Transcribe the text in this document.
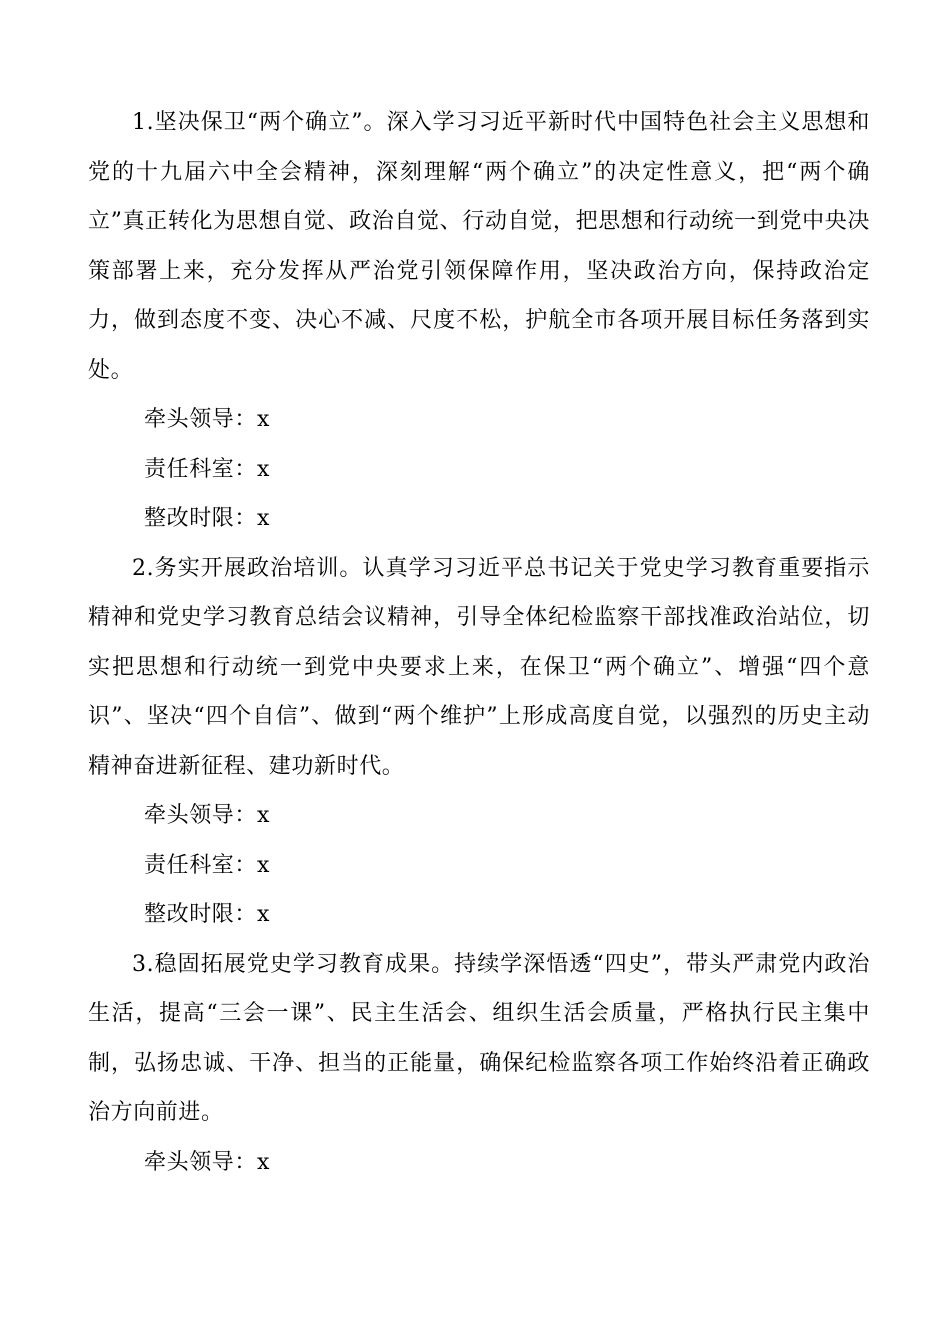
1.坚决保卫“两个确立”。深入学习习近平新时代中国特色社会主义思想和党的十九届六中全会精神，深刻理解“两个确立”的决定性意义，把“两个确立”真正转化为思想自觉、政治自觉、行动自觉，把思想和行动统一到党中央决策部署上来，充分发挥从严治党引领保障作用，坚决政治方向，保持政治定力，做到态度不变、决心不减、尺度不松，护航全市各项开展目标任务落到实处。

牵头领导：x

责任科室：x

整改时限：x

2.务实开展政治培训。认真学习习近平总书记关于党史学习教育重要指示精神和党史学习教育总结会议精神，引导全体纪检监察干部找准政治站位，切实把思想和行动统一到党中央要求上来，在保卫“两个确立”、增强“四个意识”、坚决“四个自信”、做到“两个维护”上形成高度自觉，以强烈的历史主动精神奋进新征程、建功新时代。

牵头领导：x

责任科室：x

整改时限：x

3.稳固拓展党史学习教育成果。持续学深悟透“四史”，带头严肃党内政治生活，提高“三会一课”、民主生活会、组织生活会质量，严格执行民主集中制，弘扬忠诚、干净、担当的正能量，确保纪检监察各项工作始终沿着正确政治方向前进。

牵头领导：x
